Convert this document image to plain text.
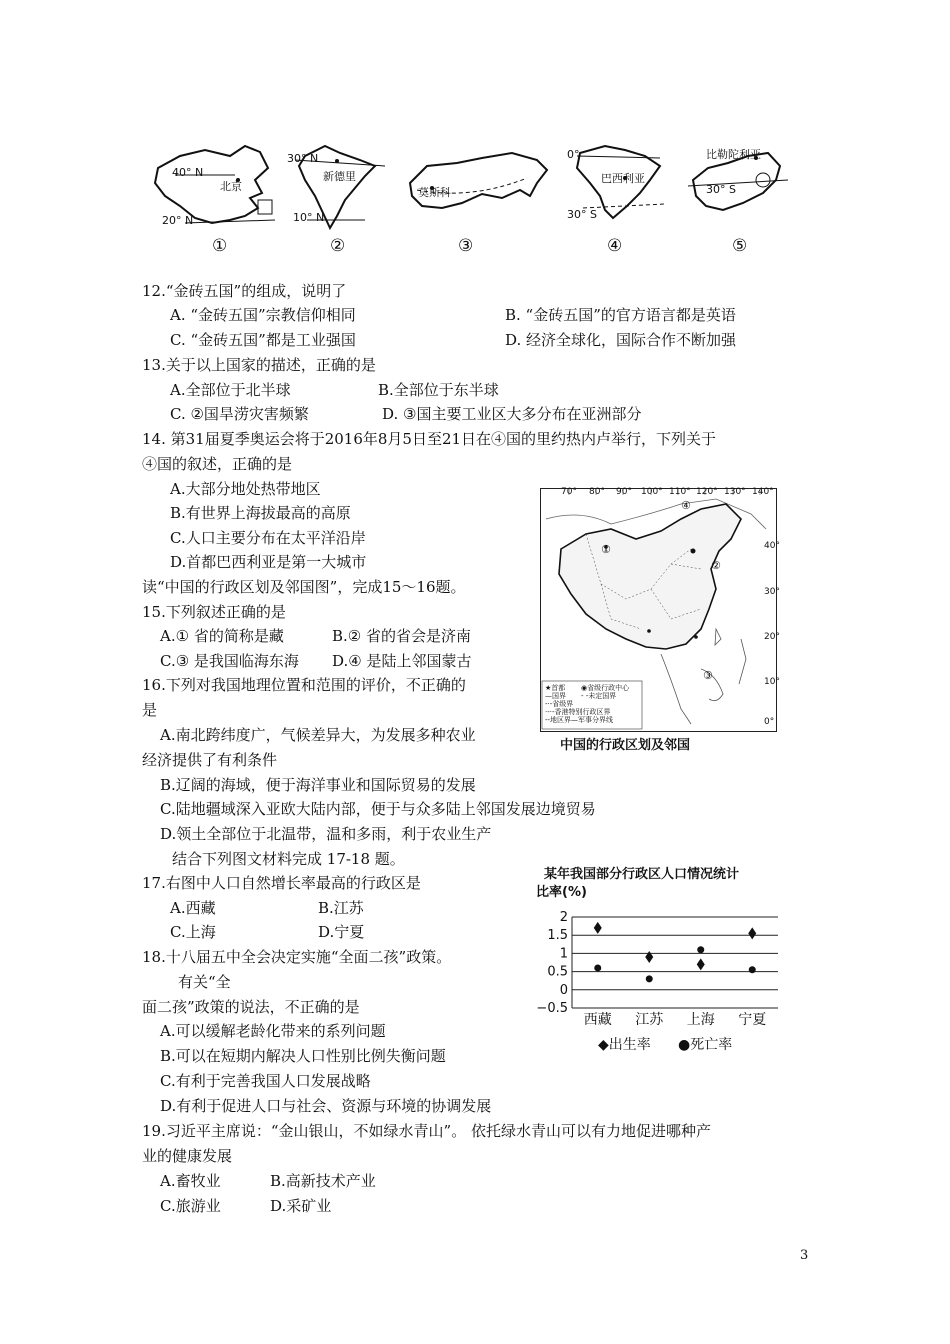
40° N
北京
20° N
①
30° N
新德里
10° N
②
莫斯科
③
0°
巴西利亚
30° S
④
比勒陀利亚
30° S
⑤
12.“金砖五国”的组成，说明了
A. “金砖五国”宗教信仰相同	B. “金砖五国”的官方语言都是英语
C. “金砖五国”都是工业强国	D. 经济全球化，国际合作不断加强
13.关于以上国家的描述，正确的是
A.全部位于北半球	B.全部位于东半球
C. ②国旱涝灾害频繁	D. ③国主要工业区大多分布在亚洲部分
14. 第31届夏季奥运会将于2016年8月5日至21日在④国的里约热内卢举行，下列关于
④国的叙述，正确的是
A.大部分地处热带地区
B.有世界上海拔最高的高原
C.人口主要分布在太平洋沿岸
D.首都巴西利亚是第一大城市
读“中国的行政区划及邻国图”，完成15～16题。
15.下列叙述正确的是
A.① 省的简称是藏	B.② 省的省会是济南
C.③ 是我国临海东海 D.④ 是陆上邻国蒙古
16.下列对我国地理位置和范围的评价，不正确的
是
A.南北跨纬度广，气候差异大，为发展多种农业
经济提供了有利条件
B.辽阔的海域，便于海洋事业和国际贸易的发展
C.陆地疆域深入亚欧大陆内部，便于与众多陆上邻国发展边境贸易
D.领土全部位于北温带，温和多雨，利于农业生产
结合下列图文材料完成 17-18 题。
17.右图中人口自然增长率最高的行政区是
A.西藏	B.江苏
C.上海	D.宁夏
18.十八届五中全会决定实施“全面二孩”政策。
有关“全
面二孩”政策的说法，不正确的是
A.可以缓解老龄化带来的系列问题
B.可以在短期内解决人口性别比例失衡问题
C.有利于完善我国人口发展战略
D.有利于促进人口与社会、资源与环境的协调发展
19.习近平主席说：“金山银山，不如绿水青山”。 依托绿水青山可以有力地促进哪种产
业的健康发展
A.畜牧业	B.高新技术产业
C.旅游业	D.采矿业
70° 80° 90° 100° 110° 120° 130° 140°
40°
30°
20°
10°
0°
①
②
③
④
★首都 ◉省级行政中心
—国界 - -未定国界
-·-省级界
·-·-香港特别行政区界
--地区界—军事分界线
中国的行政区划及邻国
某年我国部分行政区人口情况统计
比率(%)
2
1.5
1
0.5
0
−0.5
西藏 江苏 上海 宁夏
◆出生率 ●死亡率
3
